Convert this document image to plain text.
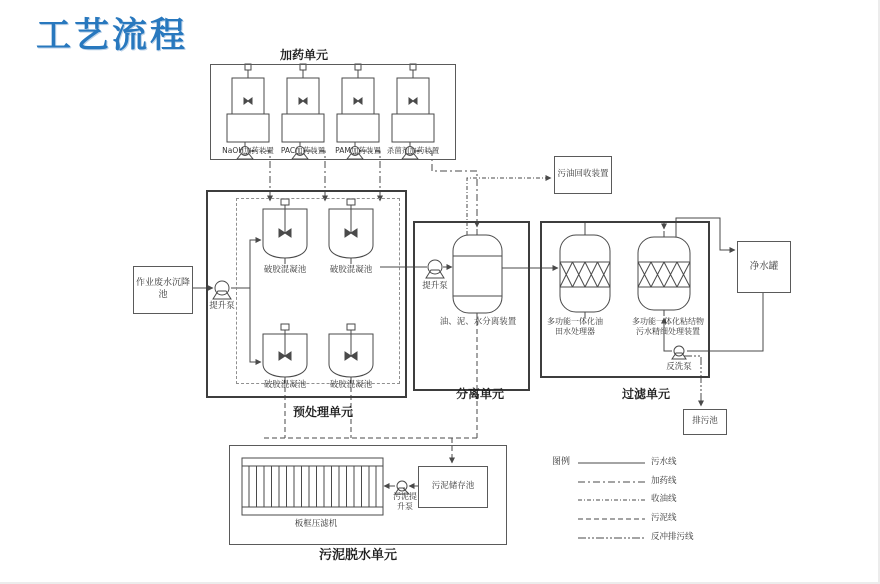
工艺流程
作业废水沉降池
污油回收装置
净水罐
排污池
污泥储存池
加药单元
预处理单元
分离单元	过滤单元
污泥脱水单元
NaOH加药装置 PAC加药装置	PAM加药装置 杀菌剂加药装置
破胶混凝池	破胶混凝池
破胶混凝池	破胶混凝池
提升泵
提升泵
油、泥、水分离装置	多功能一体化油田水处理器
多功能一体化粘结物污水精细处理装置
反洗泵
板框压滤机
污泥提升泵
图例	污水线
加药线
收油线
污泥线
反冲排污线
